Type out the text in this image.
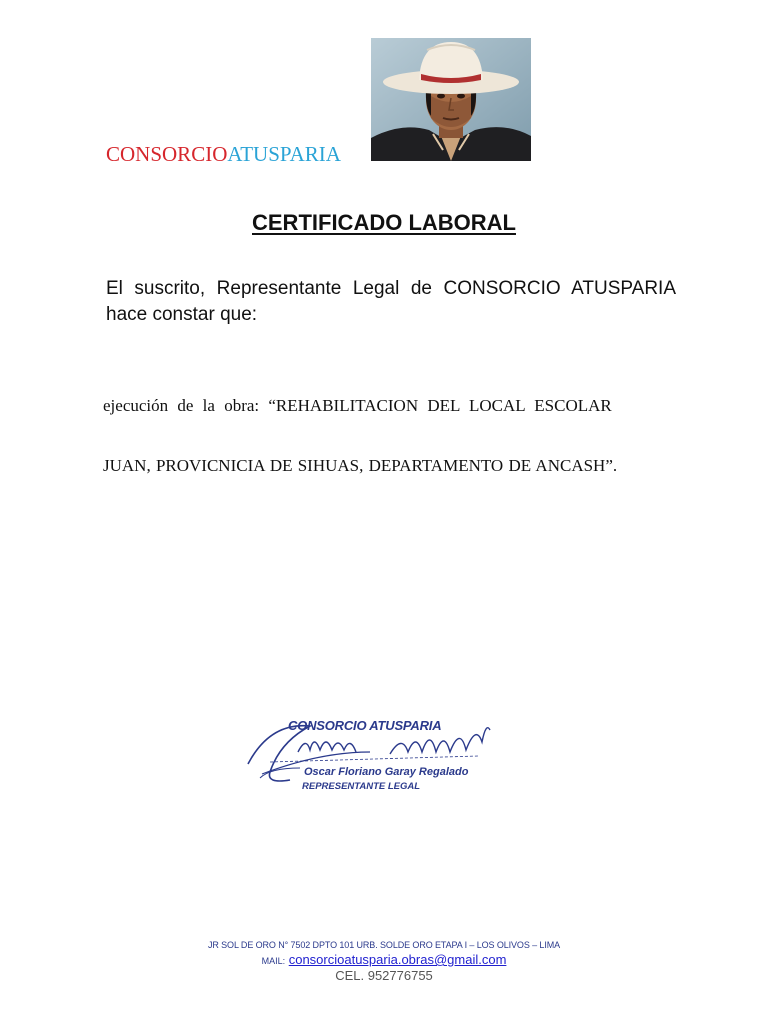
CONSORCIOATUSPARIA
CERTIFICADO LABORAL
El suscrito, Representante Legal de CONSORCIO ATUSPARIA hace constar que:
ejecución de la obra: “REHABILITACION DEL LOCAL ESCOLAR
JUAN, PROVICNICIA DE SIHUAS, DEPARTAMENTO DE ANCASH”.
CONSORCIO ATUSPARIA
Oscar Floriano Garay Regalado
REPRESENTANTE LEGAL
JR SOL DE ORO N° 7502 DPTO 101 URB. SOLDE ORO ETAPA I – LOS OLIVOS – LIMA
MAIL: consorcioatusparia.obras@gmail.com
CEL. 952776755
